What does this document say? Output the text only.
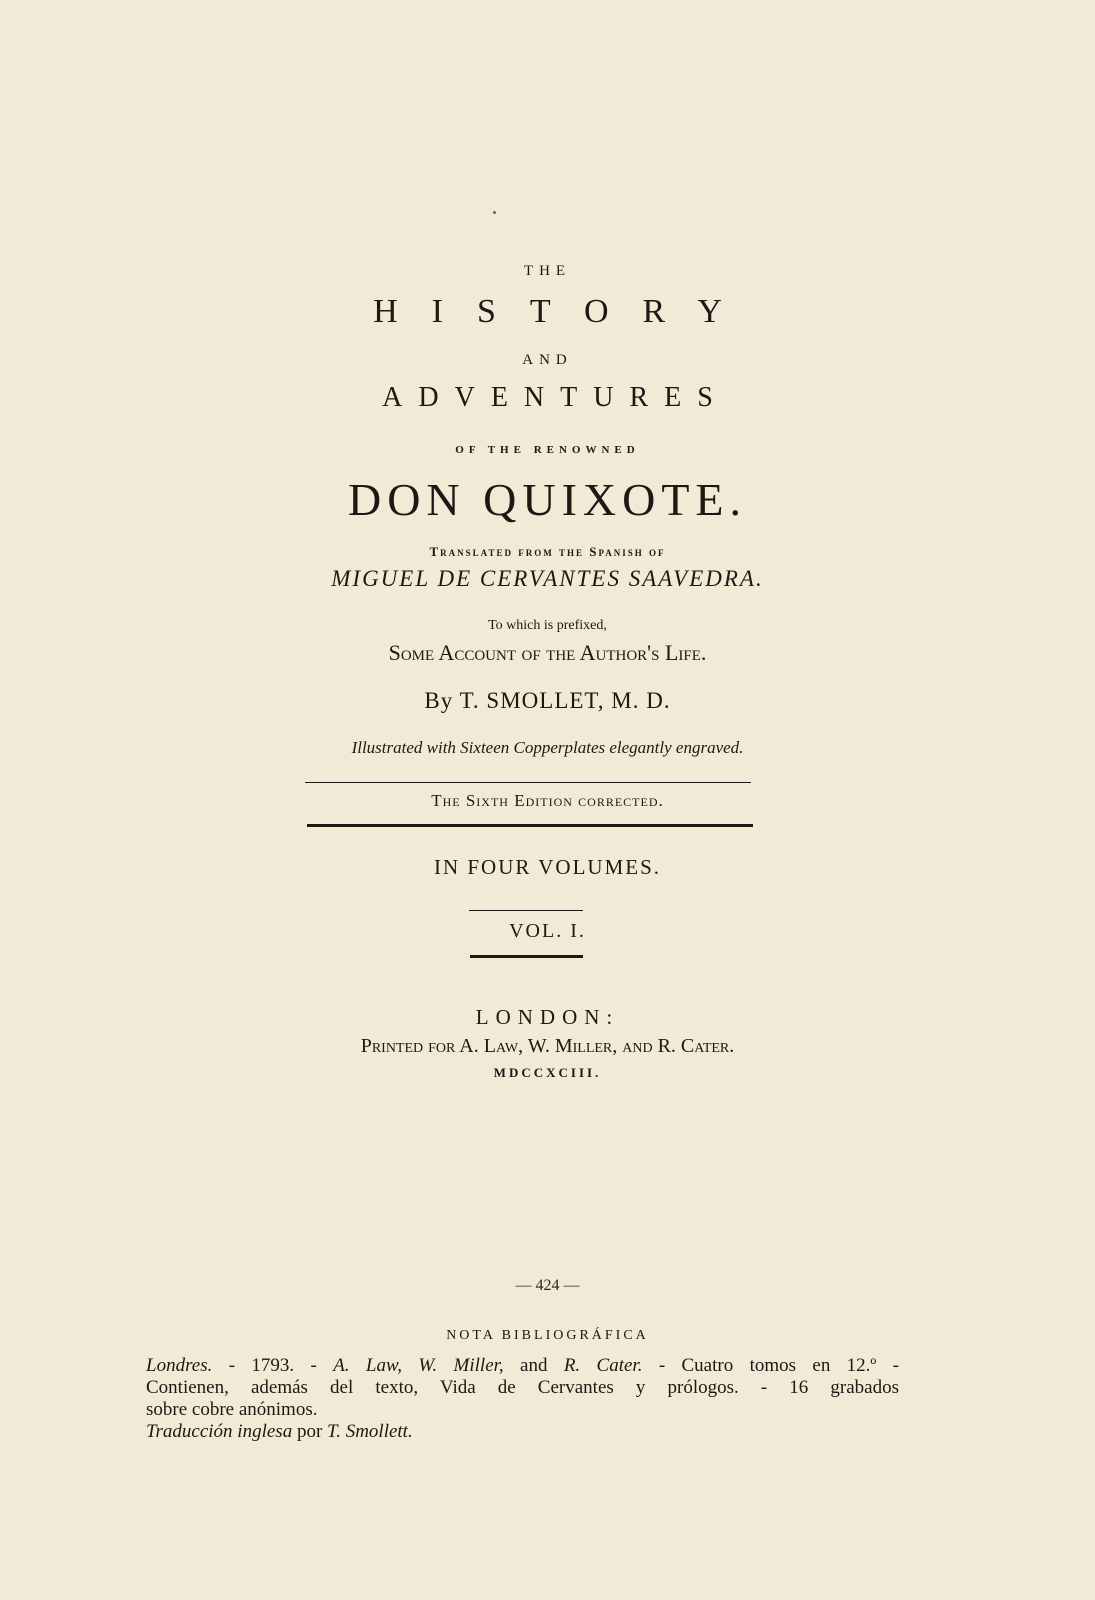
THE
HISTORY
AND
ADVENTURES
OF THE RENOWNED
DON QUIXOTE.
Translated from the Spanish of
MIGUEL DE CERVANTES SAAVEDRA.
To which is prefixed,
Some Account of the Author's Life.
By T. SMOLLET, M. D.
Illustrated with Sixteen Copperplates elegantly engraved.
The Sixth Edition corrected.
IN FOUR VOLUMES.
VOL. I.
LONDON:
Printed for A. Law, W. Miller, and R. Cater.
MDCCXCIII.
— 424 —
NOTA BIBLIOGRÁFICA

Londres. - 1793. - A. Law, W. Miller, and R. Cater. - Cuatro tomos en 12.º -

Contienen, además del texto, Vida de Cervantes y prólogos. - 16 grabados

sobre cobre anónimos.

Traducción inglesa por T. Smollett.
